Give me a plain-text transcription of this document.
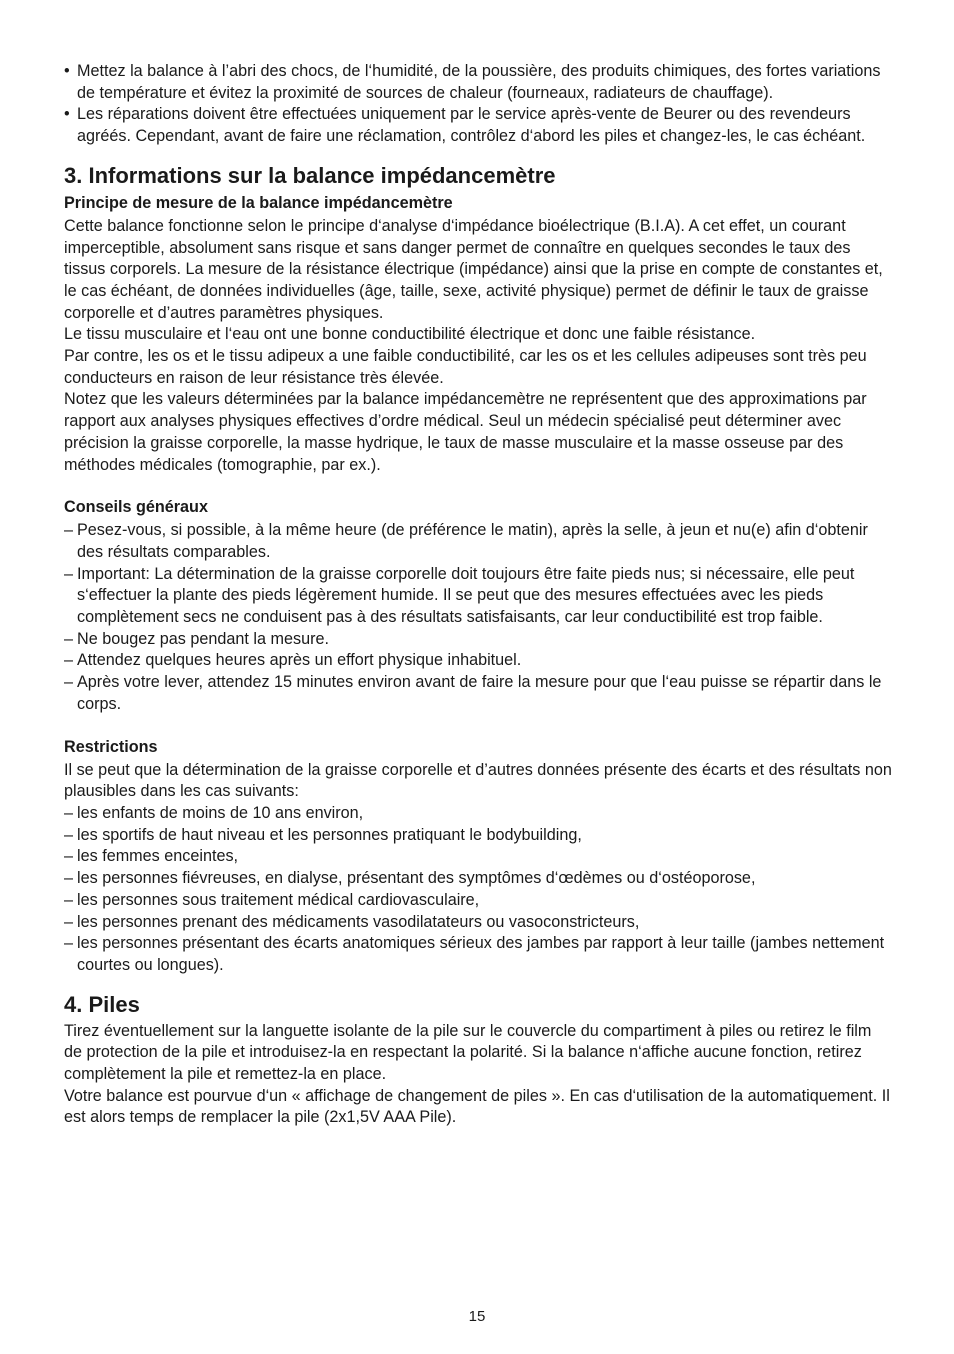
• Mettez la balance à l’abri des chocs, de l‘humidité, de la poussière, des produits chimiques, des fortes variations de température et évitez la proximité de sources de chaleur (fourneaux, radiateurs de chauffage).
• Les réparations doivent être effectuées uniquement par le service après-vente de Beurer ou des revendeurs agréés. Cependant, avant de faire une réclamation, contrôlez d‘abord les piles et changez-les, le cas échéant.
3. Informations sur la balance impédancemètre
Principe de mesure de la balance impédancemètre

Cette balance fonctionne selon le principe d‘analyse d‘impédance bioélectrique (B.I.A). A cet effet, un courant imperceptible, absolument sans risque et sans danger permet de connaître en quelques secondes le taux des tissus corporels. La mesure de la résistance électrique (impédance) ainsi que la prise en compte de constantes et, le cas échéant, de données individuelles (âge, taille, sexe, activité physique) permet de définir le taux de graisse corporelle et d’autres paramètres physiques.

Le tissu musculaire et l‘eau ont une bonne conductibilité électrique et donc une faible résistance.

Par contre, les os et le tissu adipeux a une faible conductibilité, car les os et les cellules adipeuses sont très peu conducteurs en raison de leur résistance très élevée.

Notez que les valeurs déterminées par la balance impédancemètre ne représentent que des approximations par rapport aux analyses physiques effectives d’ordre médical. Seul un médecin spécialisé peut déterminer avec précision la graisse corporelle, la masse hydrique, le taux de masse musculaire et la masse osseuse par des méthodes médicales (tomographie, par ex.).

Conseils généraux
– Pesez-vous, si possible, à la même heure (de préférence le matin), après la selle, à jeun et nu(e) afin d‘obtenir des résultats comparables.
– Important: La détermination de la graisse corporelle doit toujours être faite pieds nus; si nécessaire, elle peut s‘effectuer la plante des pieds légèrement humide. Il se peut que des mesures effectuées avec les pieds complètement secs ne conduisent pas à des résultats satisfaisants, car leur conductibilité est trop faible.
– Ne bougez pas pendant la mesure.
– Attendez quelques heures après un effort physique inhabituel.
– Après votre lever, attendez 15 minutes environ avant de faire la mesure pour que l‘eau puisse se répartir dans le corps.
Restrictions

Il se peut que la détermination de la graisse corporelle et d’autres données présente des écarts et des résultats non plausibles dans les cas suivants:

– les enfants de moins de 10 ans environ,
– les sportifs de haut niveau et les personnes pratiquant le bodybuilding,
– les femmes enceintes,
– les personnes fiévreuses, en dialyse, présentant des symptômes d‘œdèmes ou d‘ostéoporose,
– les personnes sous traitement médical cardiovasculaire,
– les personnes prenant des médicaments vasodilatateurs ou vasoconstricteurs,
– les personnes présentant des écarts anatomiques sérieux des jambes par rapport à leur taille (jambes nettement courtes ou longues).
4. Piles

Tirez éventuellement sur la languette isolante de la pile sur le couvercle du compartiment à piles ou retirez le film de protection de la pile et introduisez-la en respectant la polarité. Si la balance n‘affiche aucune fonction, retirez complètement la pile et remettez-la en place.

Votre balance est pourvue d‘un « affichage de changement de piles ». En cas d‘utilisation de la automatiquement. Il est alors temps de remplacer la pile (2x1,5V AAA Pile).

15
